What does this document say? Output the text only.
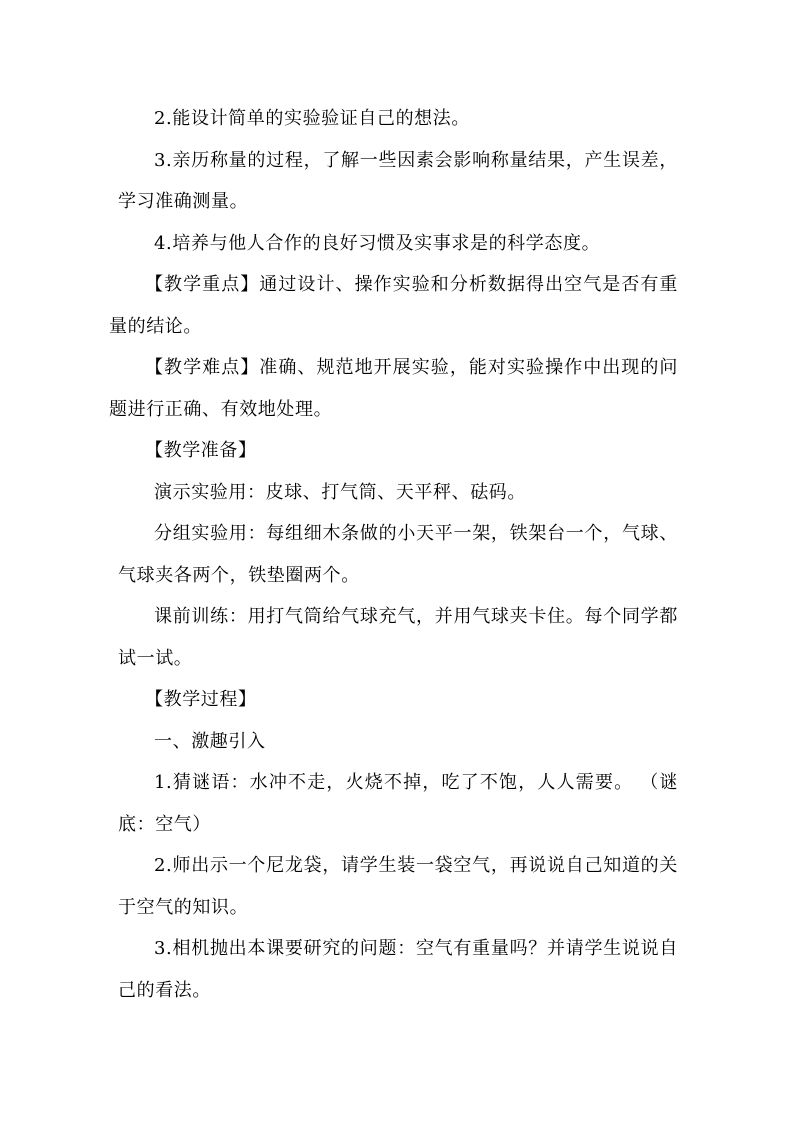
2.能设计简单的实验验证自己的想法。

3.亲历称量的过程，了解一些因素会影响称量结果，产生误差，学习准确测量。

4.培养与他人合作的良好习惯及实事求是的科学态度。

【教学重点】通过设计、操作实验和分析数据得出空气是否有重量的结论。

【教学难点】准确、规范地开展实验，能对实验操作中出现的问题进行正确、有效地处理。

【教学准备】

演示实验用：皮球、打气筒、天平秤、砝码。

分组实验用：每组细木条做的小天平一架，铁架台一个，气球、气球夹各两个，铁垫圈两个。

课前训练：用打气筒给气球充气，并用气球夹卡住。每个同学都试一试。

【教学过程】

一、激趣引入

1.猜谜语：水冲不走，火烧不掉，吃了不饱，人人需要。 （谜底：空气）

2.师出示一个尼龙袋，请学生装一袋空气，再说说自己知道的关于空气的知识。

3.相机抛出本课要研究的问题：空气有重量吗？并请学生说说自己的看法。
